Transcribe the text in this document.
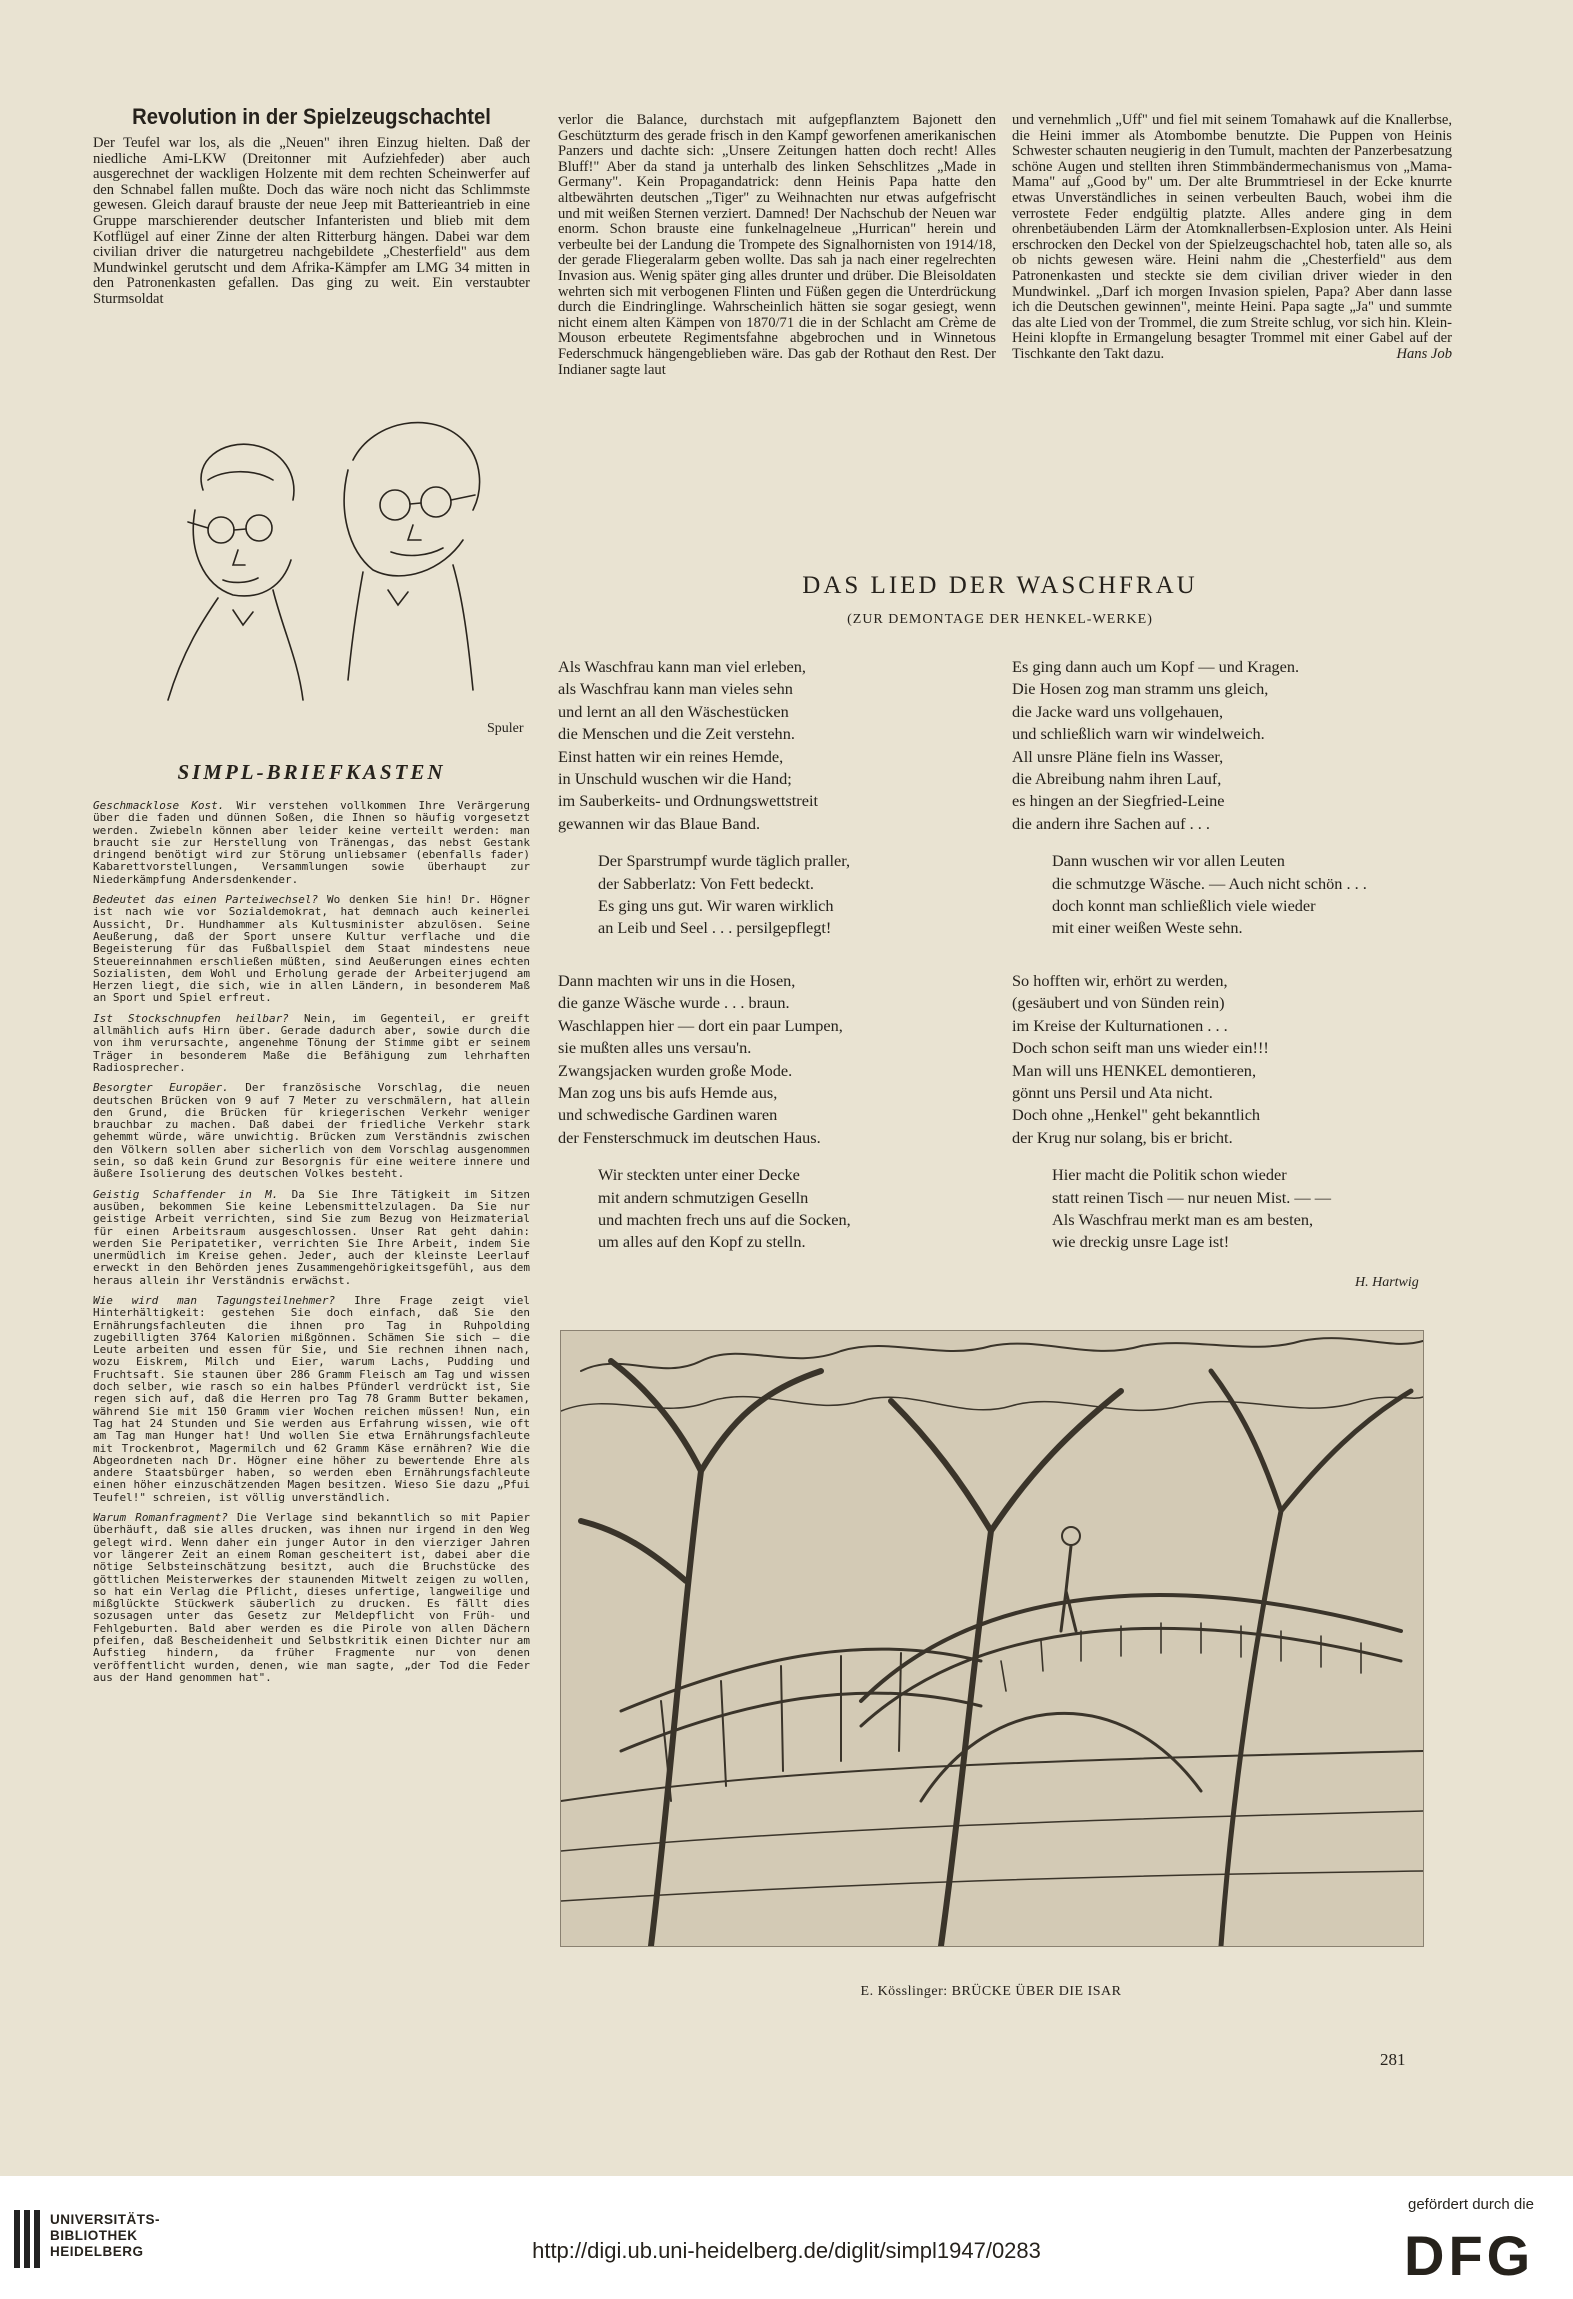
Revolution in der Spielzeugschachtel

Der Teufel war los, als die „Neuen" ihren Einzug hielten. Daß der niedliche Ami-LKW (Dreitonner mit Aufziehfeder) aber auch ausgerechnet der wackligen Holzente mit dem rechten Scheinwerfer auf den Schnabel fallen mußte. Doch das wäre noch nicht das Schlimmste gewesen. Gleich darauf brauste der neue Jeep mit Batterieantrieb in eine Gruppe marschierender deutscher Infanteristen und blieb mit dem Kotflügel auf einer Zinne der alten Ritterburg hängen. Dabei war dem civilian driver die naturgetreu nachgebildete „Chesterfield" aus dem Mundwinkel gerutscht und dem Afrika-Kämpfer am LMG 34 mitten in den Patronenkasten gefallen. Das ging zu weit. Ein verstaubter Sturmsoldat

verlor die Balance, durchstach mit aufgepflanztem Bajonett den Geschützturm des gerade frisch in den Kampf geworfenen amerikanischen Panzers und dachte sich: „Unsere Zeitungen hatten doch recht! Alles Bluff!" Aber da stand ja unterhalb des linken Sehschlitzes „Made in Germany". Kein Propagandatrick: denn Heinis Papa hatte den altbewährten deutschen „Tiger" zu Weihnachten nur etwas aufgefrischt und mit weißen Sternen verziert. Damned! Der Nachschub der Neuen war enorm. Schon brauste eine funkelnagelneue „Hurrican" herein und verbeulte bei der Landung die Trompete des Signalhornisten von 1914/18, der gerade Fliegeralarm geben wollte. Das sah ja nach einer regelrechten Invasion aus. Wenig später ging alles drunter und drüber. Die Bleisoldaten wehrten sich mit verbogenen Flinten und Füßen gegen die Unterdrückung durch die Eindringlinge. Wahrscheinlich hätten sie sogar gesiegt, wenn nicht einem alten Kämpen von 1870/71 die in der Schlacht am Crème de Mouson erbeutete Regimentsfahne abgebrochen und in Winnetous Federschmuck hängengeblieben wäre. Das gab der Rothaut den Rest. Der Indianer sagte laut

und vernehmlich „Uff" und fiel mit seinem Tomahawk auf die Knallerbse, die Heini immer als Atombombe benutzte. Die Puppen von Heinis Schwester schauten neugierig in den Tumult, machten der Panzerbesatzung schöne Augen und stellten ihren Stimmbändermechanismus von „Mama-Mama" auf „Good by" um. Der alte Brummtriesel in der Ecke knurrte etwas Unverständliches in seinen verbeulten Bauch, wobei ihm die verrostete Feder endgültig platzte. Alles andere ging in dem ohrenbetäubenden Lärm der Atomknallerbsen-Explosion unter. Als Heini erschrocken den Deckel von der Spielzeugschachtel hob, taten alle so, als ob nichts gewesen wäre. Heini nahm die „Chesterfield" aus dem Patronenkasten und steckte sie dem civilian driver wieder in den Mundwinkel. „Darf ich morgen Invasion spielen, Papa? Aber dann lasse ich die Deutschen gewinnen", meinte Heini. Papa sagte „Ja" und summte das alte Lied von der Trommel, die zum Streite schlug, vor sich hin. Klein-Heini klopfte in Ermangelung besagter Trommel mit einer Gabel auf der Tischkante den Takt dazu.	Hans Job

Spuler
SIMPL-BRIEFKASTEN

Geschmacklose Kost. Wir verstehen vollkommen Ihre Verärgerung über die faden und dünnen Soßen, die Ihnen so häufig vorgesetzt werden. Zwiebeln können aber leider keine verteilt werden: man braucht sie zur Herstellung von Tränengas, das nebst Gestank dringend benötigt wird zur Störung unliebsamer (ebenfalls fader) Kabarettvorstellungen, Versammlungen sowie überhaupt zur Niederkämpfung Andersdenkender.

Bedeutet das einen Parteiwechsel? Wo denken Sie hin! Dr. Högner ist nach wie vor Sozialdemokrat, hat demnach auch keinerlei Aussicht, Dr. Hundhammer als Kultusminister abzulösen. Seine Aeußerung, daß der Sport unsere Kultur verflache und die Begeisterung für das Fußballspiel dem Staat mindestens neue Steuereinnahmen erschließen müßten, sind Aeußerungen eines echten Sozialisten, dem Wohl und Erholung gerade der Arbeiterjugend am Herzen liegt, die sich, wie in allen Ländern, in besonderem Maß an Sport und Spiel erfreut.

Ist Stockschnupfen heilbar? Nein, im Gegenteil, er greift allmählich aufs Hirn über. Gerade dadurch aber, sowie durch die von ihm verursachte, angenehme Tönung der Stimme gibt er seinem Träger in besonderem Maße die Befähigung zum lehrhaften Radiosprecher.

Besorgter Europäer. Der französische Vorschlag, die neuen deutschen Brücken von 9 auf 7 Meter zu verschmälern, hat allein den Grund, die Brücken für kriegerischen Verkehr weniger brauchbar zu machen. Daß dabei der friedliche Verkehr stark gehemmt würde, wäre unwichtig. Brücken zum Verständnis zwischen den Völkern sollen aber sicherlich von dem Vorschlag ausgenommen sein, so daß kein Grund zur Besorgnis für eine weitere innere und äußere Isolierung des deutschen Volkes besteht.

Geistig Schaffender in M. Da Sie Ihre Tätigkeit im Sitzen ausüben, bekommen Sie keine Lebensmittelzulagen. Da Sie nur geistige Arbeit verrichten, sind Sie zum Bezug von Heizmaterial für einen Arbeitsraum ausgeschlossen. Unser Rat geht dahin: werden Sie Peripatetiker, verrichten Sie Ihre Arbeit, indem Sie unermüdlich im Kreise gehen. Jeder, auch der kleinste Leerlauf erweckt in den Behörden jenes Zusammengehörigkeitsgefühl, aus dem heraus allein ihr Verständnis erwächst.

Wie wird man Tagungsteilnehmer? Ihre Frage zeigt viel Hinterhältigkeit: gestehen Sie doch einfach, daß Sie den Ernährungsfachleuten die ihnen pro Tag in Ruhpolding zugebilligten 3764 Kalorien mißgönnen. Schämen Sie sich — die Leute arbeiten und essen für Sie, und Sie rechnen ihnen nach, wozu Eiskrem, Milch und Eier, warum Lachs, Pudding und Fruchtsaft. Sie staunen über 286 Gramm Fleisch am Tag und wissen doch selber, wie rasch so ein halbes Pfünderl verdrückt ist, Sie regen sich auf, daß die Herren pro Tag 78 Gramm Butter bekamen, während Sie mit 150 Gramm vier Wochen reichen müssen! Nun, ein Tag hat 24 Stunden und Sie werden aus Erfahrung wissen, wie oft am Tag man Hunger hat! Und wollen Sie etwa Ernährungsfachleute mit Trockenbrot, Magermilch und 62 Gramm Käse ernähren? Wie die Abgeordneten nach Dr. Högner eine höher zu bewertende Ehre als andere Staatsbürger haben, so werden eben Ernährungsfachleute einen höher einzuschätzenden Magen besitzen. Wieso Sie dazu „Pfui Teufel!" schreien, ist völlig unverständlich.

Warum Romanfragment? Die Verlage sind bekanntlich so mit Papier überhäuft, daß sie alles drucken, was ihnen nur irgend in den Weg gelegt wird. Wenn daher ein junger Autor in den vierziger Jahren vor längerer Zeit an einem Roman gescheitert ist, dabei aber die nötige Selbsteinschätzung besitzt, auch die Bruchstücke des göttlichen Meisterwerkes der staunenden Mitwelt zeigen zu wollen, so hat ein Verlag die Pflicht, dieses unfertige, langweilige und mißglückte Stückwerk säuberlich zu drucken. Es fällt dies sozusagen unter das Gesetz zur Meldepflicht von Früh- und Fehlgeburten. Bald aber werden es die Pirole von allen Dächern pfeifen, daß Bescheidenheit und Selbstkritik einen Dichter nur am Aufstieg hindern, da früher Fragmente nur von denen veröffentlicht wurden, denen, wie man sagte, „der Tod die Feder aus der Hand genommen hat".

DAS LIED DER WASCHFRAU
(ZUR DEMONTAGE DER HENKEL-WERKE)
Als Waschfrau kann man viel erleben,
als Waschfrau kann man vieles sehn
und lernt an all den Wäschestücken
die Menschen und die Zeit verstehn.
Einst hatten wir ein reines Hemde,
in Unschuld wuschen wir die Hand;
im Sauberkeits- und Ordnungswettstreit
gewannen wir das Blaue Band.
Der Sparstrumpf wurde täglich praller,
der Sabberlatz: Von Fett bedeckt.
Es ging uns gut. Wir waren wirklich
an Leib und Seel . . . persilgepflegt!
Dann machten wir uns in die Hosen,
die ganze Wäsche wurde . . . braun.
Waschlappen hier — dort ein paar Lumpen,
sie mußten alles uns versau'n.
Zwangsjacken wurden große Mode.
Man zog uns bis aufs Hemde aus,
und schwedische Gardinen waren
der Fensterschmuck im deutschen Haus.
Wir steckten unter einer Decke
mit andern schmutzigen Geselln
und machten frech uns auf die Socken,
um alles auf den Kopf zu stelln.
Es ging dann auch um Kopf — und Kragen.
Die Hosen zog man stramm uns gleich,
die Jacke ward uns vollgehauen,
und schließlich warn wir windelweich.
All unsre Pläne fieln ins Wasser,
die Abreibung nahm ihren Lauf,
es hingen an der Siegfried-Leine
die andern ihre Sachen auf . . .
Dann wuschen wir vor allen Leuten
die schmutzge Wäsche. — Auch nicht schön . . .
doch konnt man schließlich viele wieder
mit einer weißen Weste sehn.
So hofften wir, erhört zu werden,
(gesäubert und von Sünden rein)
im Kreise der Kulturnationen . . .
Doch schon seift man uns wieder ein!!!
Man will uns HENKEL demontieren,
gönnt uns Persil und Ata nicht.
Doch ohne „Henkel" geht bekanntlich
der Krug nur solang, bis er bricht.
Hier macht die Politik schon wieder
statt reinen Tisch — nur neuen Mist. — —
Als Waschfrau merkt man es am besten,
wie dreckig unsre Lage ist!
H. Hartwig
E. Kösslinger: BRÜCKE ÜBER DIE ISAR
281
UNIVERSITÄTS-
BIBLIOTHEK
HEIDELBERG	http://digi.ub.uni-heidelberg.de/diglit/simpl1947/0283
gefördert durch die
DFG
